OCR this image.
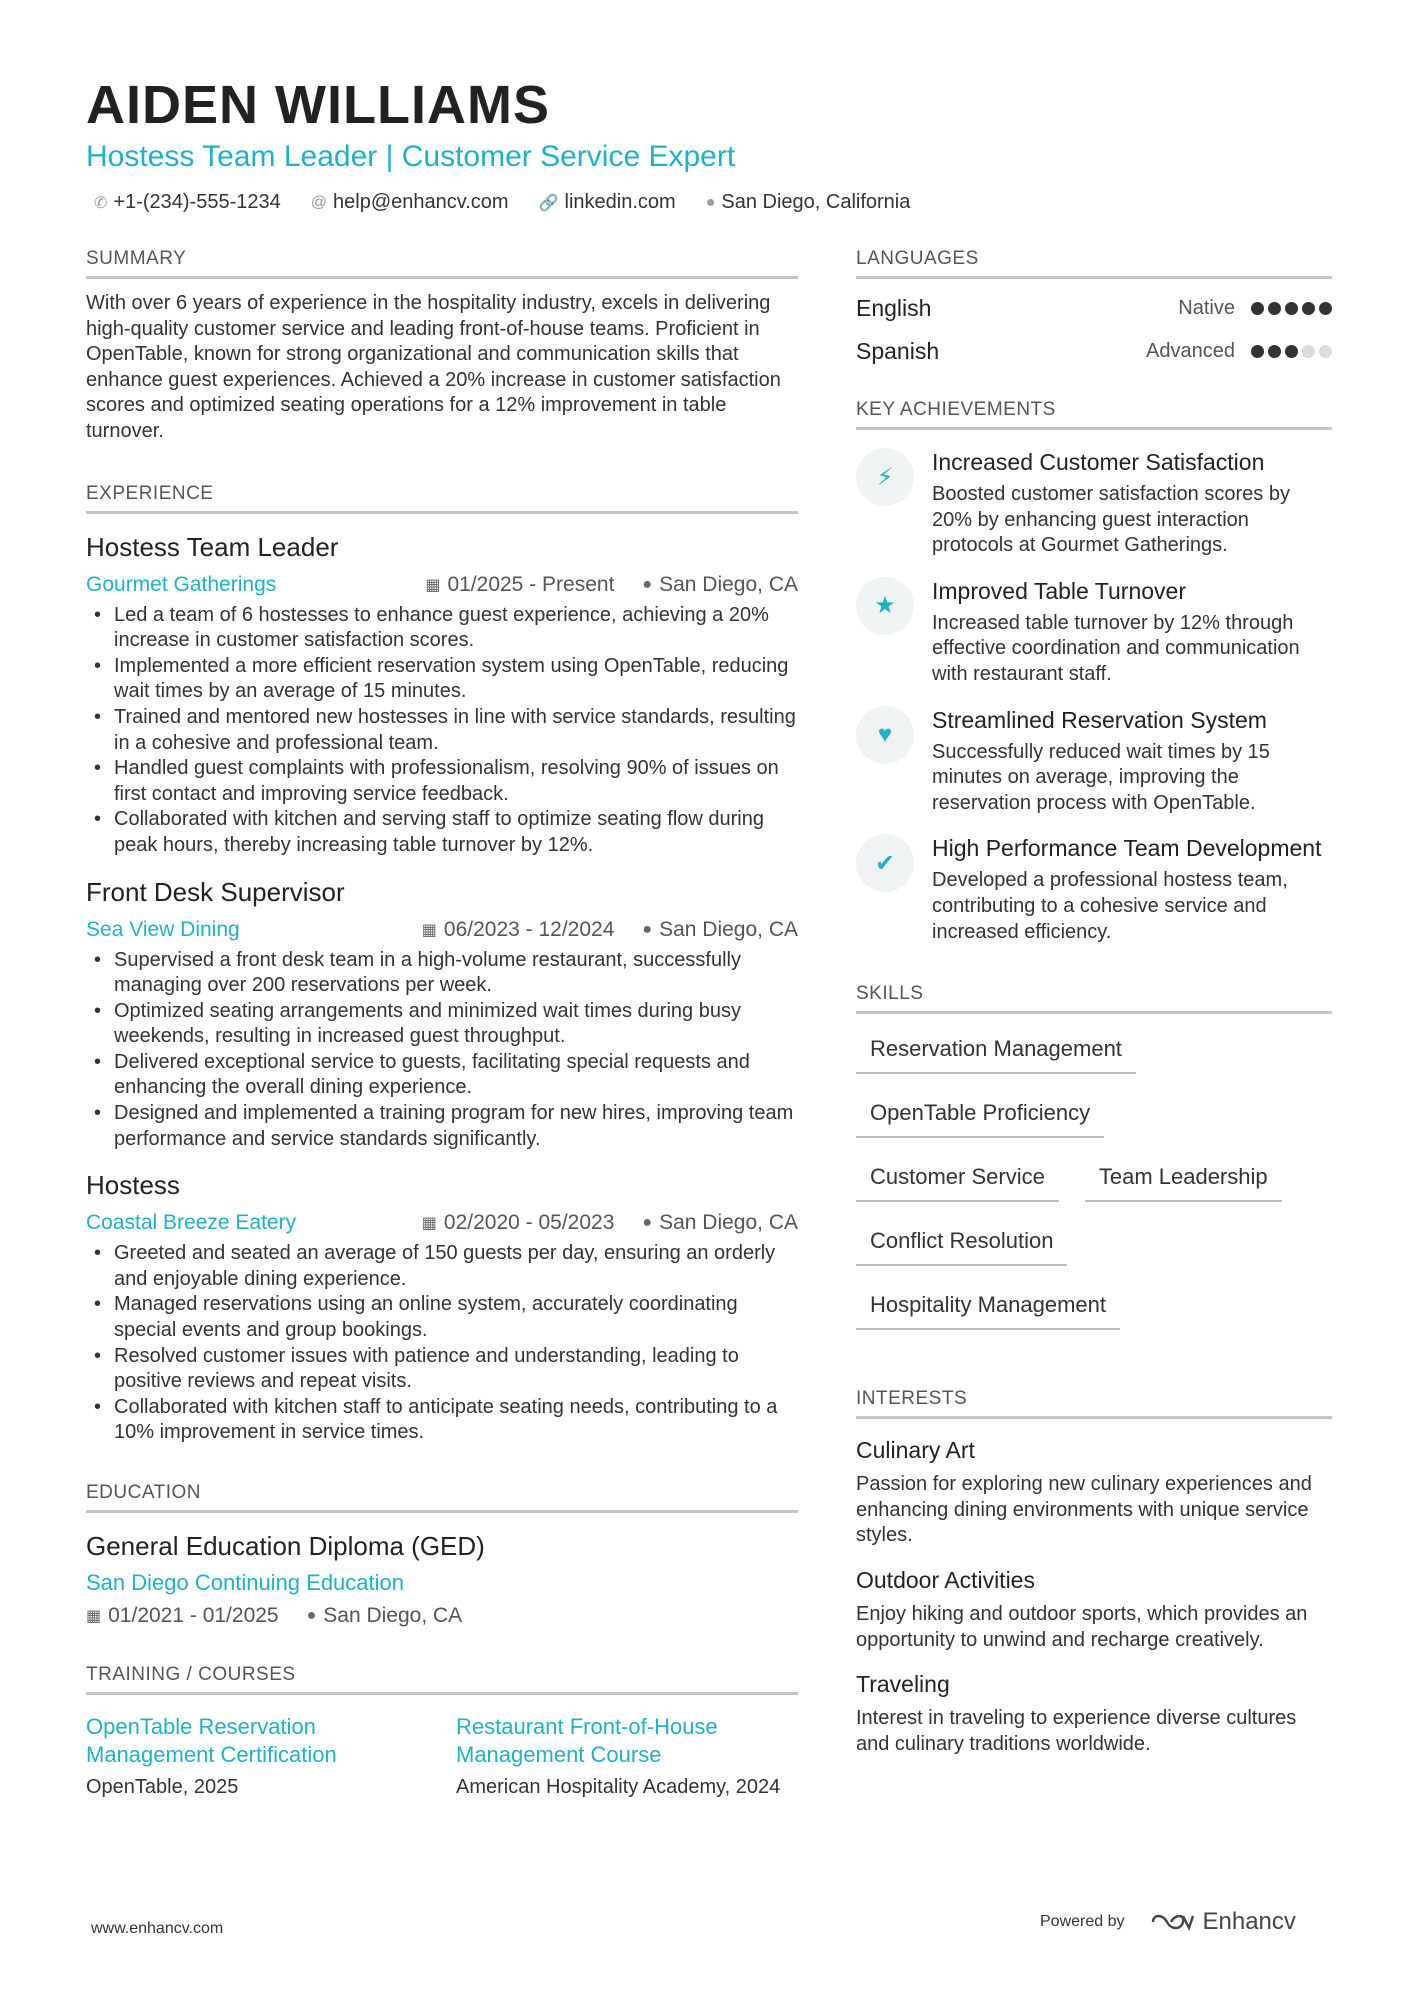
AIDEN WILLIAMS
Hostess Team Leader | Customer Service Expert
✆ +1-(234)-555-1234 @ help@enhancv.com 🔗 linkedin.com ● San Diego, California
SUMMARY
With over 6 years of experience in the hospitality industry, excels in delivering high-quality customer service and leading front-of-house teams. Proficient in OpenTable, known for strong organizational and communication skills that enhance guest experiences. Achieved a 20% increase in customer satisfaction scores and optimized seating operations for a 12% improvement in table turnover.
EXPERIENCE
Hostess Team Leader
Gourmet Gatherings	▦ 01/2025 - Present ● San Diego, CA
• Led a team of 6 hostesses to enhance guest experience, achieving a 20% increase in customer satisfaction scores.
• Implemented a more efficient reservation system using OpenTable, reducing wait times by an average of 15 minutes.
• Trained and mentored new hostesses in line with service standards, resulting in a cohesive and professional team.
• Handled guest complaints with professionalism, resolving 90% of issues on first contact and improving service feedback.
• Collaborated with kitchen and serving staff to optimize seating flow during peak hours, thereby increasing table turnover by 12%.
Front Desk Supervisor
Sea View Dining	▦ 06/2023 - 12/2024 ● San Diego, CA
• Supervised a front desk team in a high-volume restaurant, successfully managing over 200 reservations per week.
• Optimized seating arrangements and minimized wait times during busy weekends, resulting in increased guest throughput.
• Delivered exceptional service to guests, facilitating special requests and enhancing the overall dining experience.
• Designed and implemented a training program for new hires, improving team performance and service standards significantly.
Hostess
Coastal Breeze Eatery	▦ 02/2020 - 05/2023 ● San Diego, CA
• Greeted and seated an average of 150 guests per day, ensuring an orderly and enjoyable dining experience.
• Managed reservations using an online system, accurately coordinating special events and group bookings.
• Resolved customer issues with patience and understanding, leading to positive reviews and repeat visits.
• Collaborated with kitchen staff to anticipate seating needs, contributing to a 10% improvement in service times.
EDUCATION
General Education Diploma (GED)
San Diego Continuing Education
▦ 01/2021 - 01/2025 ● San Diego, CA
TRAINING / COURSES
OpenTable Reservation Management Certification
OpenTable, 2025
Restaurant Front-of-House Management Course
American Hospitality Academy, 2024
LANGUAGES
English	Native
Spanish	Advanced
KEY ACHIEVEMENTS
⚡
Increased Customer Satisfaction
Boosted customer satisfaction scores by 20% by enhancing guest interaction protocols at Gourmet Gatherings.
★
Improved Table Turnover
Increased table turnover by 12% through effective coordination and communication with restaurant staff.
♥
Streamlined Reservation System
Successfully reduced wait times by 15 minutes on average, improving the reservation process with OpenTable.
✔
High Performance Team Development
Developed a professional hostess team, contributing to a cohesive service and increased efficiency.
SKILLS
Reservation Management
OpenTable Proficiency
Customer Service	Team Leadership
Conflict Resolution
Hospitality Management
INTERESTS
Culinary Art
Passion for exploring new culinary experiences and enhancing dining environments with unique service styles.
Outdoor Activities
Enjoy hiking and outdoor sports, which provides an opportunity to unwind and recharge creatively.
Traveling
Interest in traveling to experience diverse cultures and culinary traditions worldwide.
www.enhancv.com	Powered by	Enhancv
